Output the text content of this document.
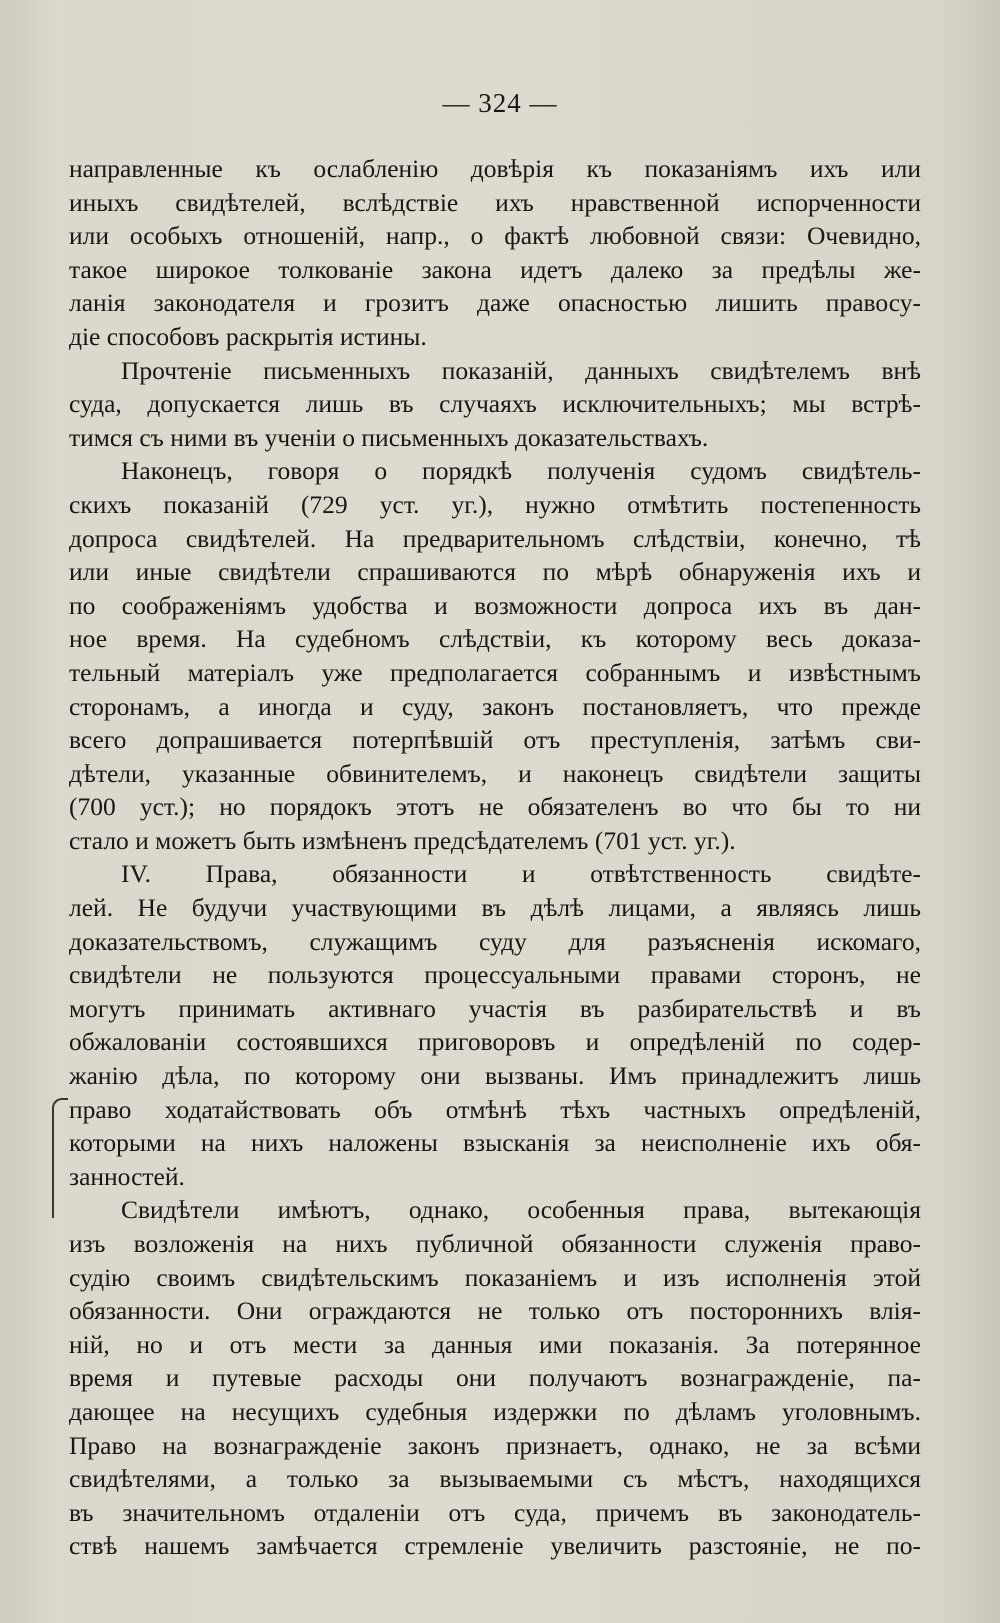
— 324 —
направленные къ ослабленію довѣрія къ показаніямъ ихъ или
иныхъ свидѣтелей, вслѣдствіе ихъ нравственной испорченности
или особыхъ отношеній, напр., о фактѣ любовной связи: Очевидно,
такое широкое толкованіе закона идетъ далеко за предѣлы же-
ланія законодателя и грозитъ даже опасностью лишить правосу-
діе способовъ раскрытія истины.
Прочтеніе письменныхъ показаній, данныхъ свидѣтелемъ внѣ
суда, допускается лишь въ случаяхъ исключительныхъ; мы встрѣ-
тимся съ ними въ ученіи о письменныхъ доказательствахъ.
Наконецъ, говоря о порядкѣ полученія судомъ свидѣтель-
скихъ показаній (729 уст. уг.), нужно отмѣтить постепенность
допроса свидѣтелей. На предварительномъ слѣдствіи, конечно, тѣ
или иные свидѣтели спрашиваются по мѣрѣ обнаруженія ихъ и
по соображеніямъ удобства и возможности допроса ихъ въ дан-
ное время. На судебномъ слѣдствіи, къ которому весь доказа-
тельный матеріалъ уже предполагается собраннымъ и извѣстнымъ
сторонамъ, а иногда и суду, законъ постановляетъ, что прежде
всего допрашивается потерпѣвшій отъ преступленія, затѣмъ сви-
дѣтели, указанные обвинителемъ, и наконецъ свидѣтели защиты
(700 уст.); но порядокъ этотъ не обязателенъ во что бы то ни
стало и можетъ быть измѣненъ предсѣдателемъ (701 уст. уг.).
IV. Права, обязанности и отвѣтственность свидѣте-
лей. Не будучи участвующими въ дѣлѣ лицами, а являясь лишь
доказательствомъ, служащимъ суду для разъясненія искомаго,
свидѣтели не пользуются процессуальными правами сторонъ, не
могутъ принимать активнаго участія въ разбирательствѣ и въ
обжалованіи состоявшихся приговоровъ и опредѣленій по содер-
жанію дѣла, по которому они вызваны. Имъ принадлежитъ лишь
право ходатайствовать объ отмѣнѣ тѣхъ частныхъ опредѣленій,
которыми на нихъ наложены взысканія за неисполненіе ихъ обя-
занностей.
Свидѣтели имѣютъ, однако, особенныя права, вытекающія
изъ возложенія на нихъ публичной обязанности служенія право-
судію своимъ свидѣтельскимъ показаніемъ и изъ исполненія этой
обязанности. Они ограждаются не только отъ постороннихъ влія-
ній, но и отъ мести за данныя ими показанія. За потерянное
время и путевые расходы они получаютъ вознагражденіе, па-
дающее на несущихъ судебныя издержки по дѣламъ уголовнымъ.
Право на вознагражденіе законъ признаетъ, однако, не за всѣми
свидѣтелями, а только за вызываемыми съ мѣстъ, находящихся
въ значительномъ отдаленіи отъ суда, причемъ въ законодатель-
ствѣ нашемъ замѣчается стремленіе увеличить разстояніе, не по-
